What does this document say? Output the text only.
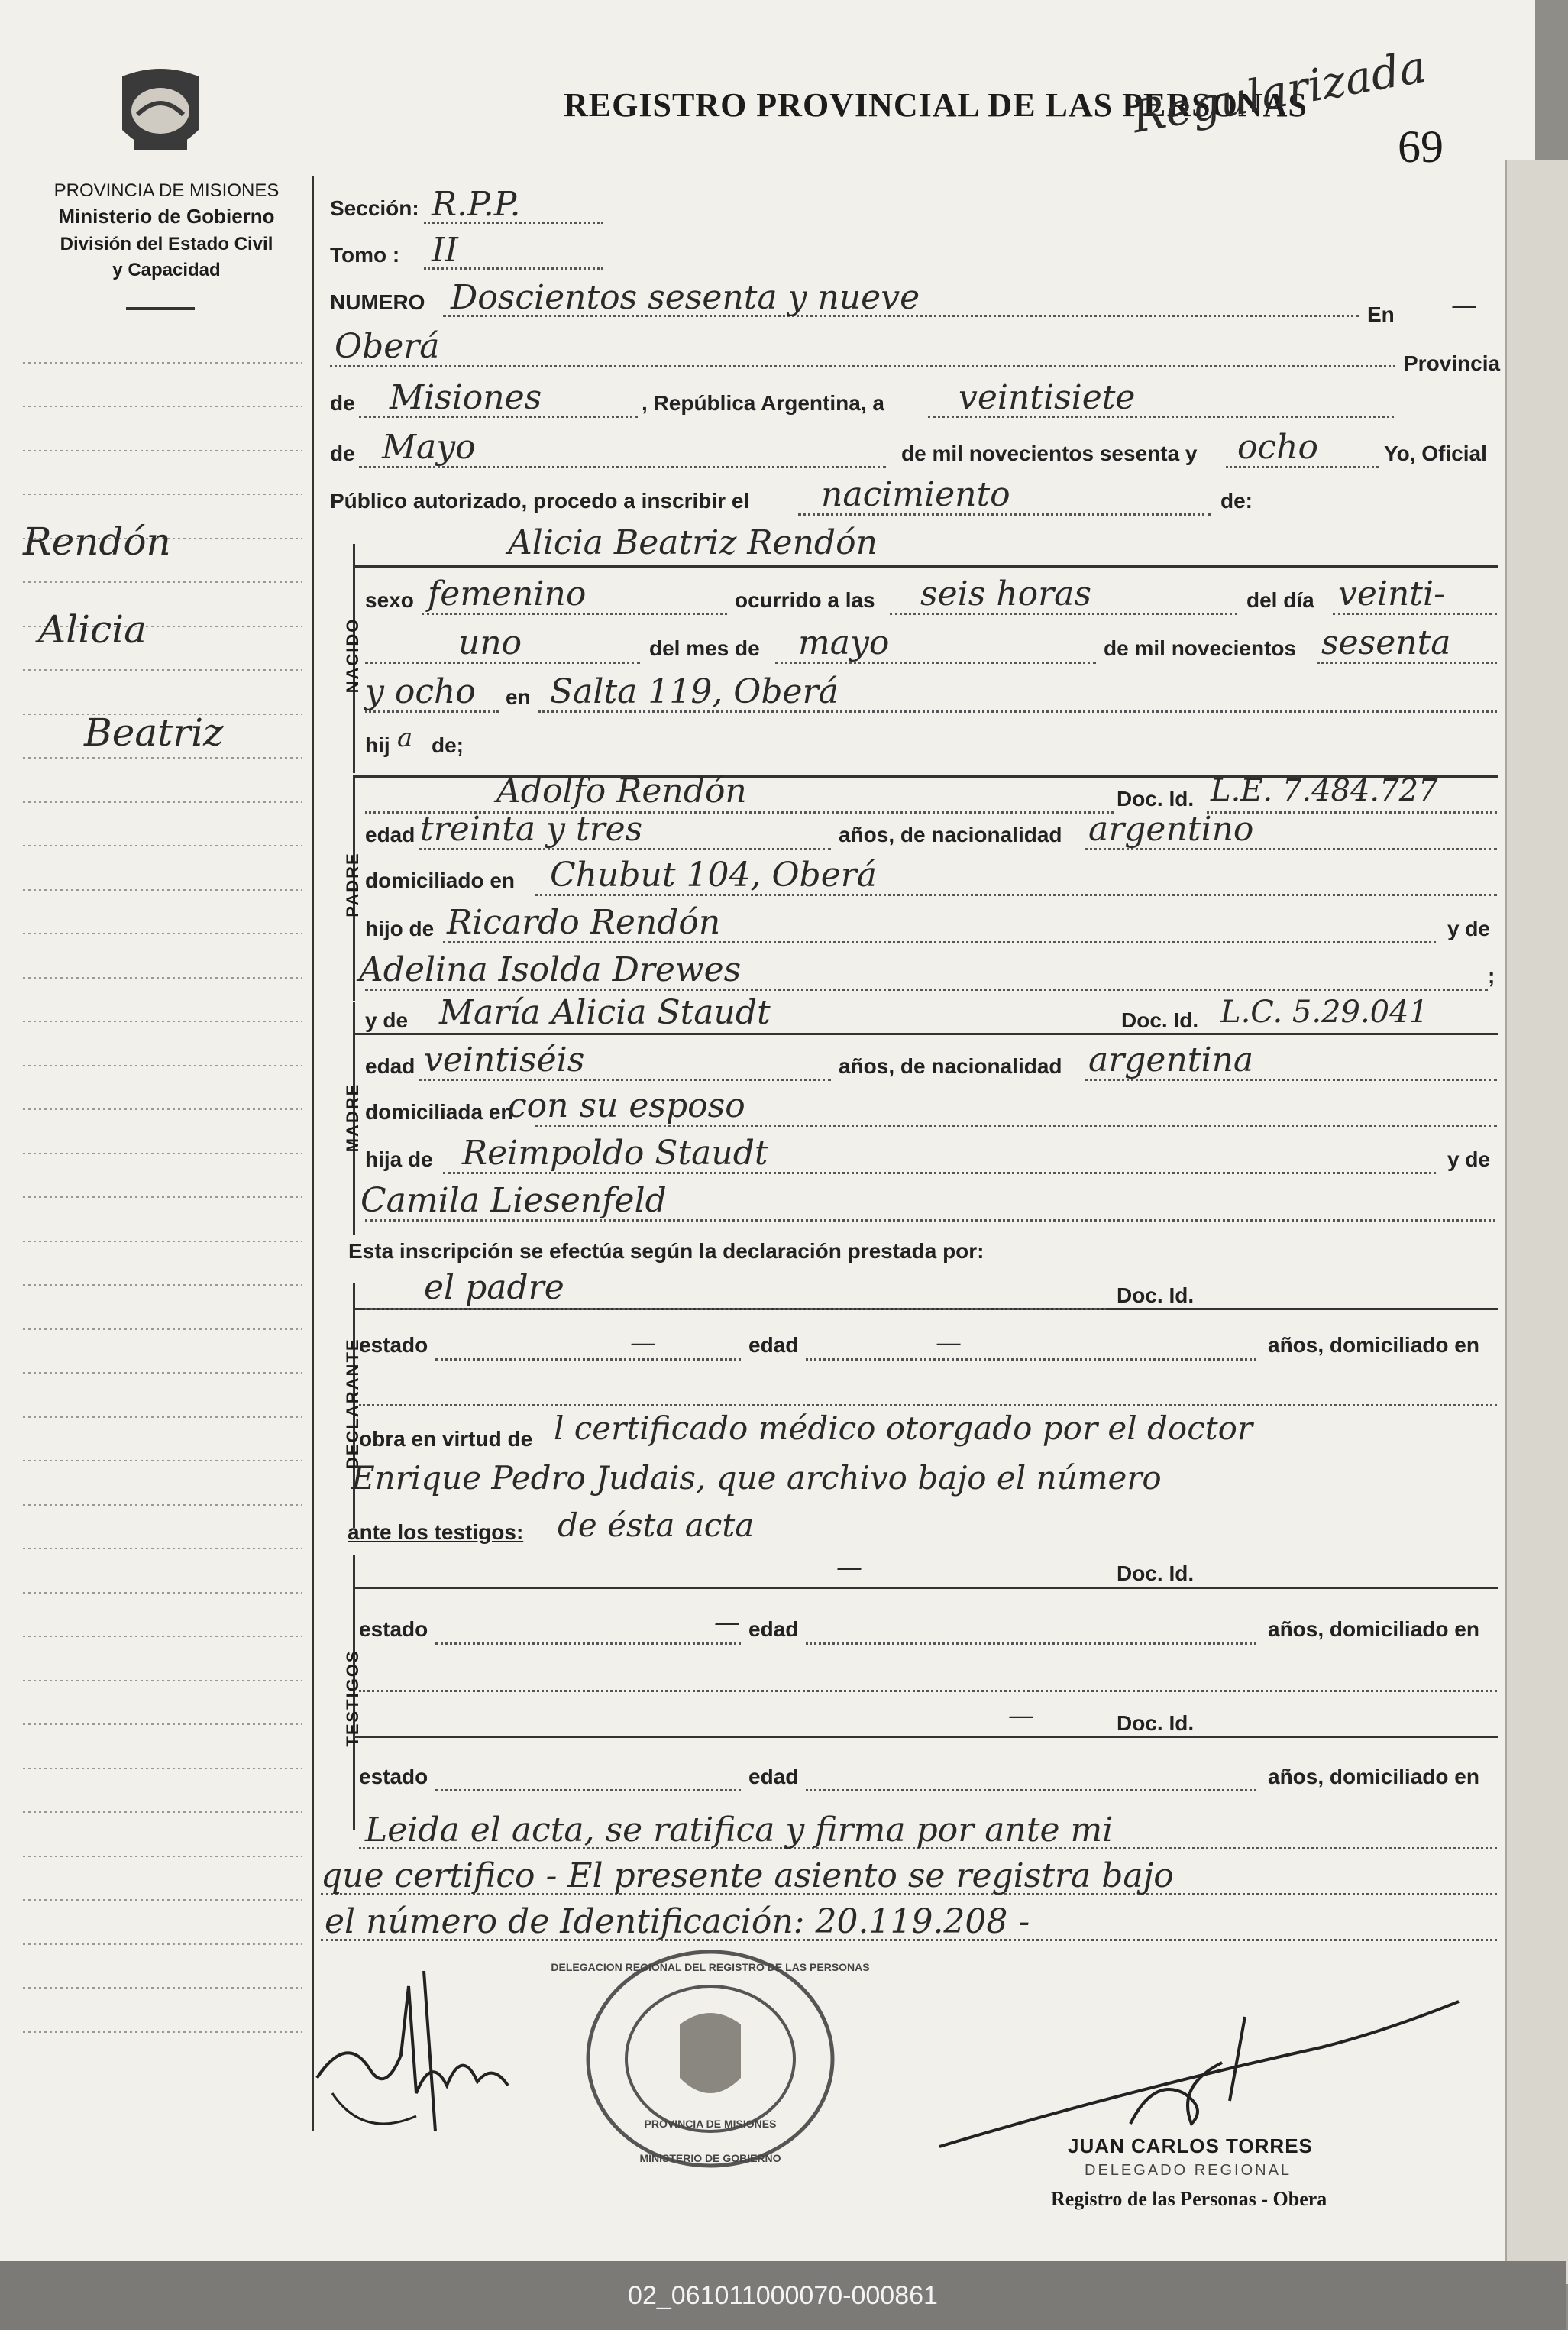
PROVINCIA DE MISIONES
Ministerio de Gobierno
División del Estado Civil
y Capacidad
REGISTRO PROVINCIAL DE LAS PERSONAS
Regularizada
69
Rendón
Alicia
Beatriz
Sección: R.P.P.
Tomo : II
NUMERO Doscientos sesenta y nueve	En —
Oberá	Provincia
de Misiones	, República Argentina, a veintisiete
de Mayo	de mil novecientos sesenta y ocho	Yo, Oficial
Público autorizado, procedo a inscribir el nacimiento	de:
NACIDO
Alicia Beatriz Rendón
sexo femenino	ocurrido a las seis horas	del día veinti-
uno	del mes de mayo	de mil novecientos sesenta
y ocho en Salta 119, Oberá
hij a de;
PADRE
Adolfo Rendón	Doc. Id. L.E. 7.484.727
edad treinta y tres	años, de nacionalidad argentino
domiciliado en Chubut 104, Oberá
hijo de Ricardo Rendón	y de
Adelina Isolda Drewes	;
MADRE
y de María Alicia Staudt	Doc. Id. L.C. 5.29.041
edad veintiséis	años, de nacionalidad argentina
domiciliada en
con su esposo
hija de Reimpoldo Staudt	y de
Camila Liesenfeld
Esta inscripción se efectúa según la declaración prestada por:
DECLARANTE
el padre	Doc. Id.
estado	—	edad	—	años, domiciliado en
obra en virtud de l certificado médico otorgado por el doctor
Enrique Pedro Judais, que archivo bajo el número
ante los testigos: de ésta acta
TESTIGOS
—	Doc. Id.
estado	— edad	años, domiciliado en
—	Doc. Id.
estado	edad	años, domiciliado en
Leida el acta, se ratifica y firma por ante mi
que certifico - El presente asiento se registra bajo
el número de Identificación: 20.119.208 -
DELEGACION REGIONAL DEL REGISTRO DE LAS PERSONAS
PROVINCIA DE MISIONES
MINISTERIO DE GOBIERNO
JUAN CARLOS TORRES
DELEGADO REGIONAL
Registro de las Personas - Obera
02_061011000070-000861
